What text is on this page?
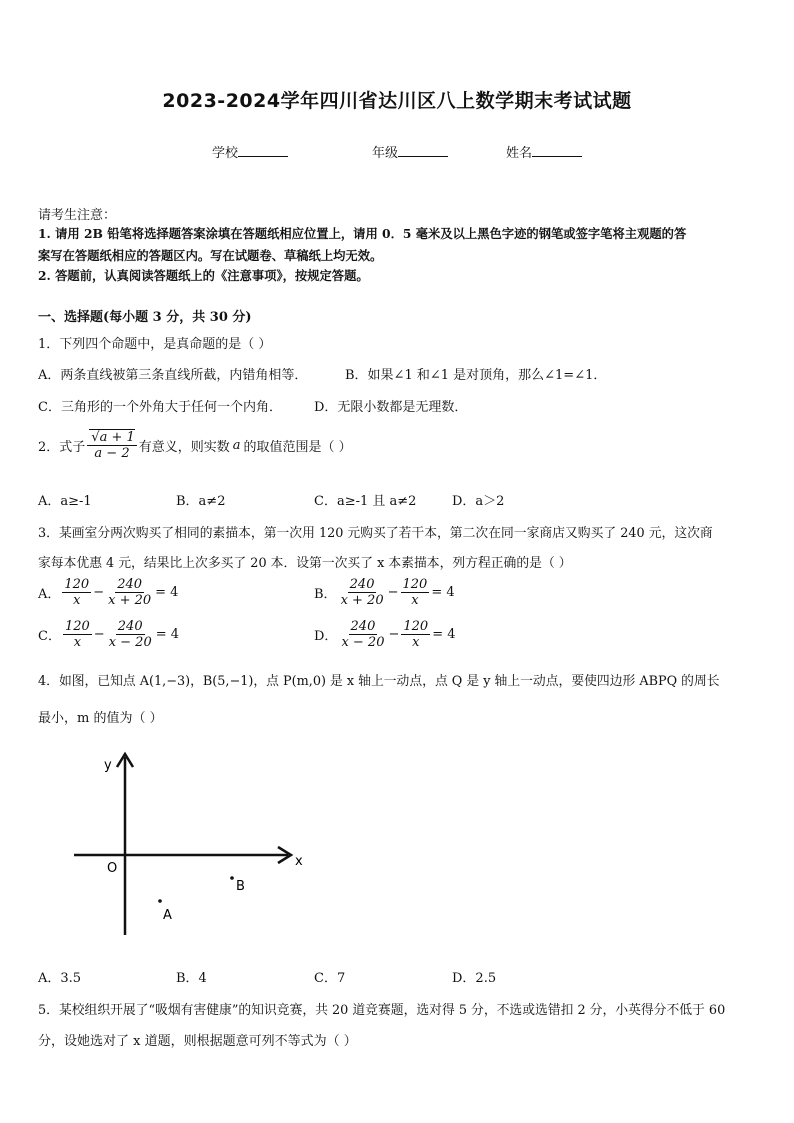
2023-2024学年四川省达川区八上数学期末考试试题
学校	年级	姓名
请考生注意：
1. 请用 2B 铅笔将选择题答案涂填在答题纸相应位置上，请用 0．5 毫米及以上黑色字迹的钢笔或签字笔将主观题的答
案写在答题纸相应的答题区内。写在试题卷、草稿纸上均无效。
2. 答题前，认真阅读答题纸上的《注意事项》，按规定答题。
一、选择题(每小题 3 分，共 30 分)
1．下列四个命题中，是真命题的是（ ）
A．两条直线被第三条直线所截，内错角相等．	B．如果∠1 和∠1 是对顶角，那么∠1=∠1．
C．三角形的一个外角大于任何一个内角． D．无限小数都是无理数．
2．式子 $\frac{√a + 1}{a - 2}$ 有意义，则实数 a 的取值范围是（ ）
A．a≥-1	B．a≠2	C．a≥-1 且 a≠2	D．a＞2
3．某画室分两次购买了相同的素描本，第一次用 120 元购买了若干本，第二次在同一家商店又购买了 240 元，这次商
家每本优惠 4 元，结果比上次多买了 20 本．设第一次买了 x 本素描本，列方程正确的是（ ）
A． $\frac{120}{x} - \frac{240}{x + 20} = 4$	B． $\frac{240}{x + 20} - \frac{120}{x} = 4$
C． $\frac{120}{x} - \frac{240}{x - 20} = 4$	D． $\frac{240}{x - 20} - \frac{120}{x} = 4$
4．如图，已知点 A(1,−3)，B(5,−1)，点 P(m,0) 是 x 轴上一动点，点 Q 是 y 轴上一动点，要使四边形 ABPQ 的周长
最小，m 的值为（ ）
y
x
O
B
A
A．3.5	B．4	C．7	D．2.5
5．某校组织开展了“吸烟有害健康”的知识竞赛，共 20 道竞赛题，选对得 5 分，不选或选错扣 2 分，小英得分不低于 60
分，设她选对了 x 道题，则根据题意可列不等式为（ ）
